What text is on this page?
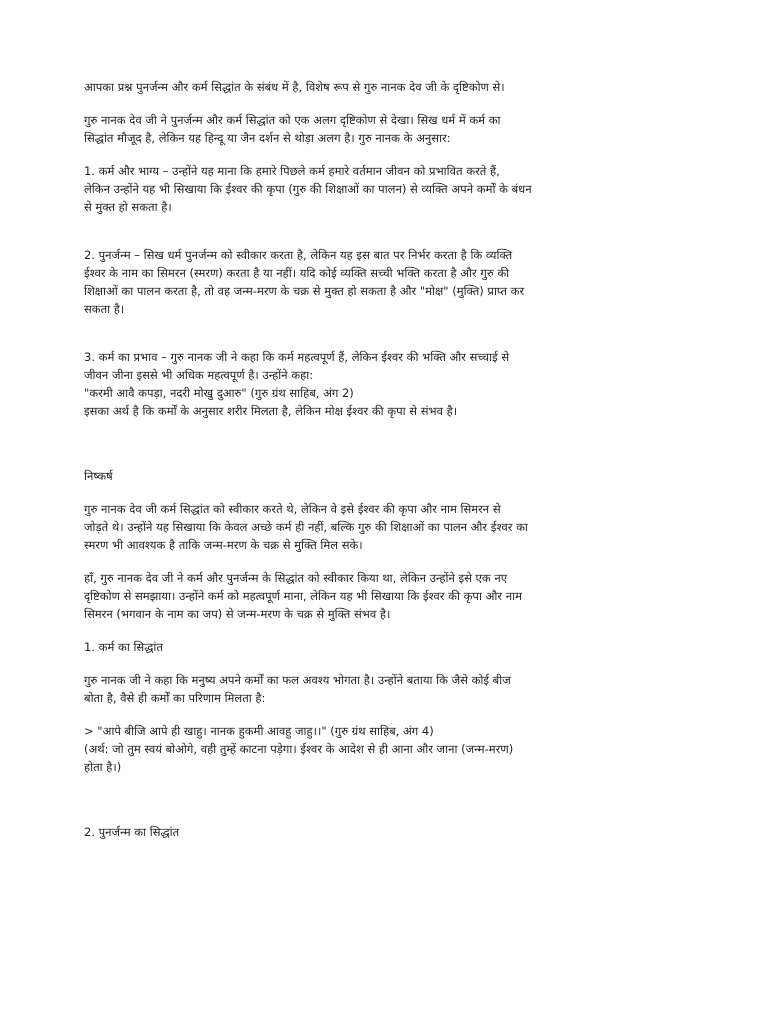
आपका प्रश्न पुनर्जन्म और कर्म सिद्धांत के संबंध में है, विशेष रूप से गुरु नानक देव जी के दृष्टिकोण से।

गुरु नानक देव जी ने पुनर्जन्म और कर्म सिद्धांत को एक अलग दृष्टिकोण से देखा। सिख धर्म में कर्म का
सिद्धांत मौजूद है, लेकिन यह हिन्दू या जैन दर्शन से थोड़ा अलग है। गुरु नानक के अनुसार:

1. कर्म और भाग्य – उन्होंने यह माना कि हमारे पिछले कर्म हमारे वर्तमान जीवन को प्रभावित करते हैं,
लेकिन उन्होंने यह भी सिखाया कि ईश्वर की कृपा (गुरु की शिक्षाओं का पालन) से व्यक्ति अपने कर्मों के बंधन
से मुक्त हो सकता है।

2. पुनर्जन्म – सिख धर्म पुनर्जन्म को स्वीकार करता है, लेकिन यह इस बात पर निर्भर करता है कि व्यक्ति
ईश्वर के नाम का सिमरन (स्मरण) करता है या नहीं। यदि कोई व्यक्ति सच्ची भक्ति करता है और गुरु की
शिक्षाओं का पालन करता है, तो वह जन्म-मरण के चक्र से मुक्त हो सकता है और "मोक्ष" (मुक्ति) प्राप्त कर
सकता है।

3. कर्म का प्रभाव – गुरु नानक जी ने कहा कि कर्म महत्वपूर्ण हैं, लेकिन ईश्वर की भक्ति और सच्चाई से
जीवन जीना इससे भी अधिक महत्वपूर्ण है। उन्होंने कहा:
"करमी आवै कपड़ा, नदरी मोखु दुआरु" (गुरु ग्रंथ साहिब, अंग 2)
इसका अर्थ है कि कर्मों के अनुसार शरीर मिलता है, लेकिन मोक्ष ईश्वर की कृपा से संभव है।

निष्कर्ष

गुरु नानक देव जी कर्म सिद्धांत को स्वीकार करते थे, लेकिन वे इसे ईश्वर की कृपा और नाम सिमरन से
जोड़ते थे। उन्होंने यह सिखाया कि केवल अच्छे कर्म ही नहीं, बल्कि गुरु की शिक्षाओं का पालन और ईश्वर का
स्मरण भी आवश्यक है ताकि जन्म-मरण के चक्र से मुक्ति मिल सके।

हाँ, गुरु नानक देव जी ने कर्म और पुनर्जन्म के सिद्धांत को स्वीकार किया था, लेकिन उन्होंने इसे एक नए
दृष्टिकोण से समझाया। उन्होंने कर्म को महत्वपूर्ण माना, लेकिन यह भी सिखाया कि ईश्वर की कृपा और नाम
सिमरन (भगवान के नाम का जप) से जन्म-मरण के चक्र से मुक्ति संभव है।

1. कर्म का सिद्धांत

गुरु नानक जी ने कहा कि मनुष्य अपने कर्मों का फल अवश्य भोगता है। उन्होंने बताया कि जैसे कोई बीज
बोता है, वैसे ही कर्मों का परिणाम मिलता है:

> "आपे बीजि आपे ही खाहु। नानक हुकमी आवहु जाहु।।" (गुरु ग्रंथ साहिब, अंग 4)
(अर्थ: जो तुम स्वयं बोओगे, वही तुम्हें काटना पड़ेगा। ईश्वर के आदेश से ही आना और जाना (जन्म-मरण)
होता है।)

2. पुनर्जन्म का सिद्धांत
